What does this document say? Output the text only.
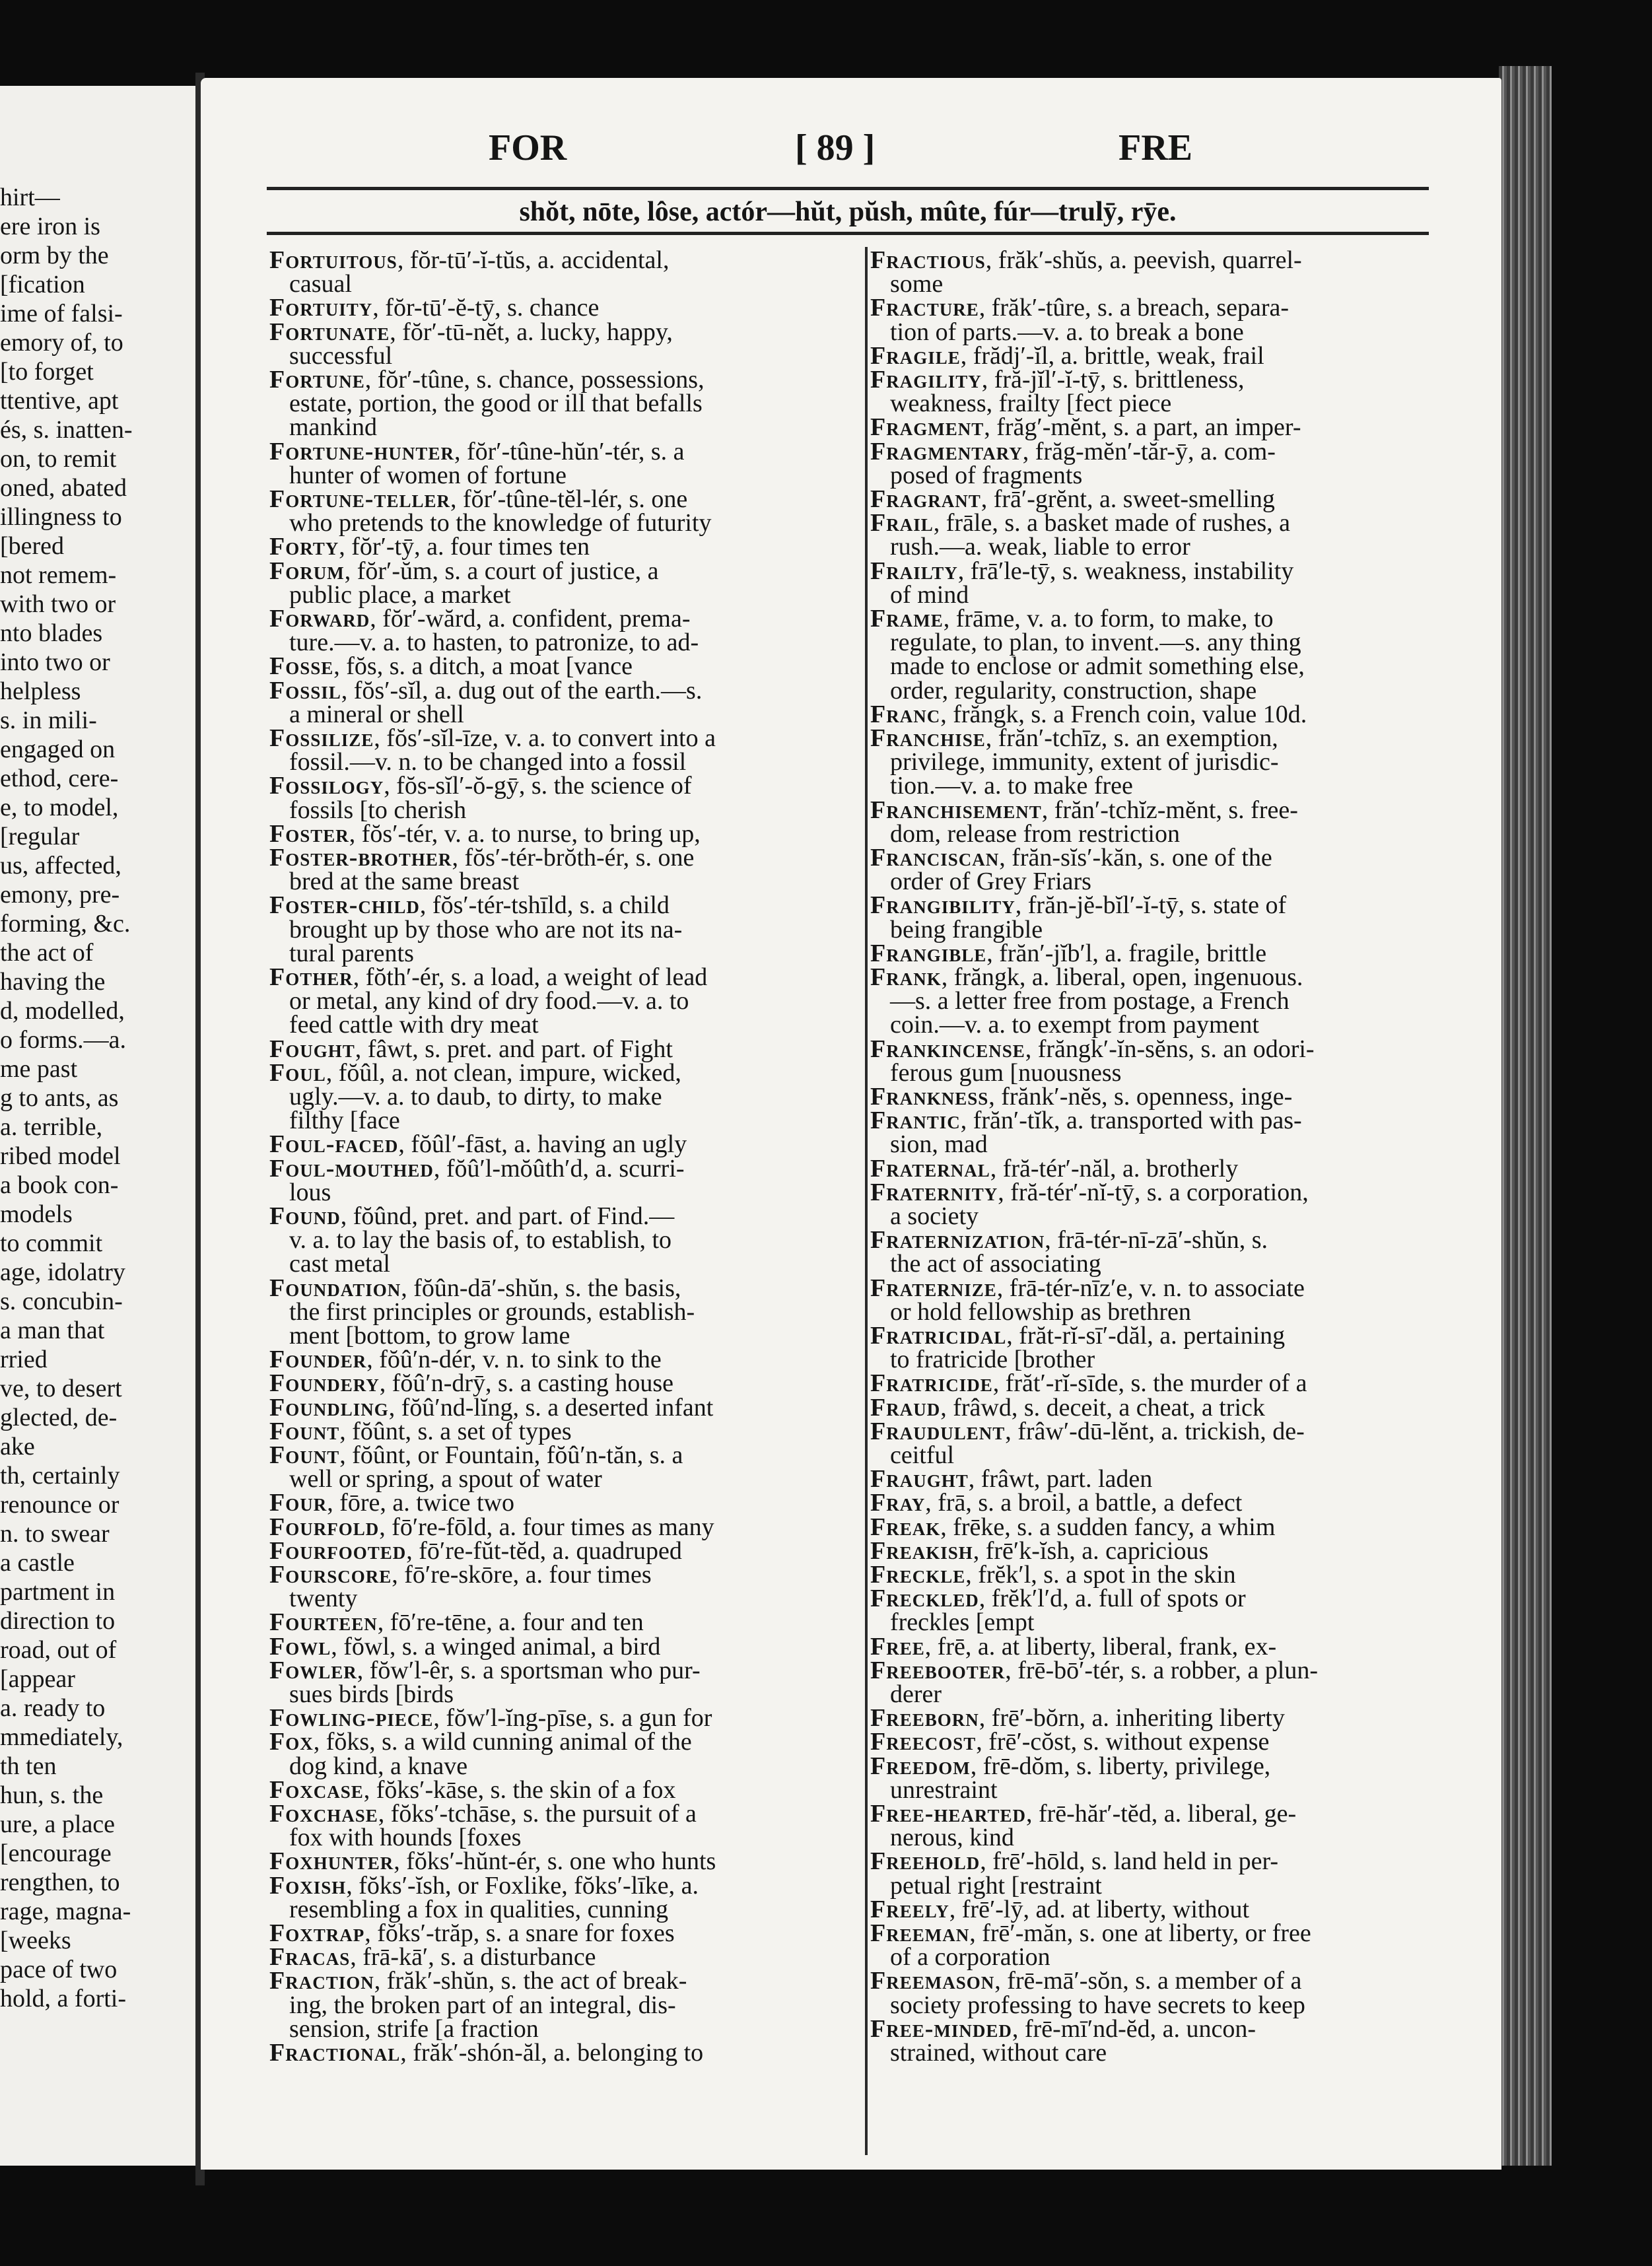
hirt—
ere iron is
orm by the
[fication
ime of falsi-
emory of, to
[to forget
ttentive, apt
és, s. inatten-
on, to remit
oned, abated
illingness to
[bered
not remem-
with two or
nto blades
into two or
helpless
s. in mili-
engaged on
ethod, cere-
e, to model,
[regular
us, affected,
emony, pre-
forming, &c.
the act of
having the
d, modelled,
o forms.—a.
me past
g to ants, as
a. terrible,
ribed model
a book con-
models
to commit
age, idolatry
s. concubin-
a man that
rried
ve, to desert
glected, de-
ake
th, certainly
renounce or
n. to swear
a castle
partment in
direction to
road, out of
[appear
a. ready to
mmediately,
th ten
hun, s. the
ure, a place
[encourage
rengthen, to
rage, magna-
[weeks
pace of two
hold, a forti-
FOR	[ 89 ]	FRE
shŏt, nōte, lôse, actór—hŭt, pŭsh, mûte, fúr—trulȳ, rȳe.
Fortuitous, fŏr-tū′-ĭ-tŭs, a. accidental,
casual
Fortuity, fŏr-tū′-ĕ-tȳ, s. chance
Fortunate, fŏr′-tū-nĕt, a. lucky, happy,
successful
Fortune, fŏr′-tûne, s. chance, possessions,
estate, portion, the good or ill that befalls
mankind
Fortune-hunter, fŏr′-tûne-hŭn′-tér, s. a
hunter of women of fortune
Fortune-teller, fŏr′-tûne-tĕl-lér, s. one
who pretends to the knowledge of futurity
Forty, fŏr′-tȳ, a. four times ten
Forum, fŏr′-ŭm, s. a court of justice, a
public place, a market
Forward, fŏr′-wărd, a. confident, prema-
ture.—v. a. to hasten, to patronize, to ad-
Fosse, fŏs, s. a ditch, a moat [vance
Fossil, fŏs′-sĭl, a. dug out of the earth.—s.
a mineral or shell
Fossilize, fŏs′-sĭl-īze, v. a. to convert into a
fossil.—v. n. to be changed into a fossil
Fossilogy, fŏs-sĭl′-ŏ-gȳ, s. the science of
fossils [to cherish
Foster, fŏs′-tér, v. a. to nurse, to bring up,
Foster-brother, fŏs′-tér-brŏth-ér, s. one
bred at the same breast
Foster-child, fŏs′-tér-tshīld, s. a child
brought up by those who are not its na-
tural parents
Fother, fŏth′-ér, s. a load, a weight of lead
or metal, any kind of dry food.—v. a. to
feed cattle with dry meat
Fought, fâwt, s. pret. and part. of Fight
Foul, fŏûl, a. not clean, impure, wicked,
ugly.—v. a. to daub, to dirty, to make
filthy [face
Foul-faced, fŏûl′-fāst, a. having an ugly
Foul-mouthed, fŏû′l-mŏûth′d, a. scurri-
lous
Found, fŏûnd, pret. and part. of Find.—
v. a. to lay the basis of, to establish, to
cast metal
Foundation, fŏûn-dā′-shŭn, s. the basis,
the first principles or grounds, establish-
ment [bottom, to grow lame
Founder, fŏû′n-dér, v. n. to sink to the
Foundery, fŏû′n-drȳ, s. a casting house
Foundling, fŏû′nd-lĭng, s. a deserted infant
Fount, fŏûnt, s. a set of types
Fount, fŏûnt, or Fountain, fŏû′n-tăn, s. a
well or spring, a spout of water
Four, fōre, a. twice two
Fourfold, fō′re-fōld, a. four times as many
Fourfooted, fō′re-fŭt-tĕd, a. quadruped
Fourscore, fō′re-skōre, a. four times
twenty
Fourteen, fō′re-tēne, a. four and ten
Fowl, fŏwl, s. a winged animal, a bird
Fowler, fŏw′l-êr, s. a sportsman who pur-
sues birds [birds
Fowling-piece, fŏw′l-ĭng-pīse, s. a gun for
Fox, fŏks, s. a wild cunning animal of the
dog kind, a knave
Foxcase, fŏks′-kāse, s. the skin of a fox
Foxchase, fŏks′-tchāse, s. the pursuit of a
fox with hounds [foxes
Foxhunter, fŏks′-hŭnt-ér, s. one who hunts
Foxish, fŏks′-ĭsh, or Foxlike, fŏks′-līke, a.
resembling a fox in qualities, cunning
Foxtrap, fŏks′-trăp, s. a snare for foxes
Fracas, frā-kā′, s. a disturbance
Fraction, frăk′-shŭn, s. the act of break-
ing, the broken part of an integral, dis-
sension, strife [a fraction
Fractional, frăk′-shón-ăl, a. belonging to
Fractious, frăk′-shŭs, a. peevish, quarrel-
some
Fracture, frăk′-tûre, s. a breach, separa-
tion of parts.—v. a. to break a bone
Fragile, frădj′-ĭl, a. brittle, weak, frail
Fragility, fră-jĭl′-ĭ-tȳ, s. brittleness,
weakness, frailty [fect piece
Fragment, frăg′-mĕnt, s. a part, an imper-
Fragmentary, frăg-mĕn′-tăr-ȳ, a. com-
posed of fragments
Fragrant, frā′-grĕnt, a. sweet-smelling
Frail, frāle, s. a basket made of rushes, a
rush.—a. weak, liable to error
Frailty, frā′le-tȳ, s. weakness, instability
of mind
Frame, frāme, v. a. to form, to make, to
regulate, to plan, to invent.—s. any thing
made to enclose or admit something else,
order, regularity, construction, shape
Franc, frăngk, s. a French coin, value 10d.
Franchise, frăn′-tchīz, s. an exemption,
privilege, immunity, extent of jurisdic-
tion.—v. a. to make free
Franchisement, frăn′-tchĭz-mĕnt, s. free-
dom, release from restriction
Franciscan, frăn-sĭs′-kăn, s. one of the
order of Grey Friars
Frangibility, frăn-jĕ-bĭl′-ĭ-tȳ, s. state of
being frangible
Frangible, frăn′-jĭb′l, a. fragile, brittle
Frank, frăngk, a. liberal, open, ingenuous.
—s. a letter free from postage, a French
coin.—v. a. to exempt from payment
Frankincense, frăngk′-ĭn-sĕns, s. an odori-
ferous gum [nuousness
Frankness, frănk′-nĕs, s. openness, inge-
Frantic, frăn′-tĭk, a. transported with pas-
sion, mad
Fraternal, fră-tér′-năl, a. brotherly
Fraternity, fră-tér′-nĭ-tȳ, s. a corporation,
a society
Fraternization, frā-tér-nī-zā′-shŭn, s.
the act of associating
Fraternize, frā-tér-nīz′e, v. n. to associate
or hold fellowship as brethren
Fratricidal, frăt-rĭ-sī′-dăl, a. pertaining
to fratricide [brother
Fratricide, frăt′-rĭ-sīde, s. the murder of a
Fraud, frâwd, s. deceit, a cheat, a trick
Fraudulent, frâw′-dū-lĕnt, a. trickish, de-
ceitful
Fraught, frâwt, part. laden
Fray, frā, s. a broil, a battle, a defect
Freak, frēke, s. a sudden fancy, a whim
Freakish, frē′k-ĭsh, a. capricious
Freckle, frĕk′l, s. a spot in the skin
Freckled, frĕk′l′d, a. full of spots or
freckles [empt
Free, frē, a. at liberty, liberal, frank, ex-
Freebooter, frē-bō′-tér, s. a robber, a plun-
derer
Freeborn, frē′-bŏrn, a. inheriting liberty
Freecost, frē′-cŏst, s. without expense
Freedom, frē-dŏm, s. liberty, privilege,
unrestraint
Free-hearted, frē-hăr′-tĕd, a. liberal, ge-
nerous, kind
Freehold, frē′-hōld, s. land held in per-
petual right [restraint
Freely, frē′-lȳ, ad. at liberty, without
Freeman, frē′-măn, s. one at liberty, or free
of a corporation
Freemason, frē-mā′-sŏn, s. a member of a
society professing to have secrets to keep
Free-minded, frē-mī′nd-ĕd, a. uncon-
strained, without care
